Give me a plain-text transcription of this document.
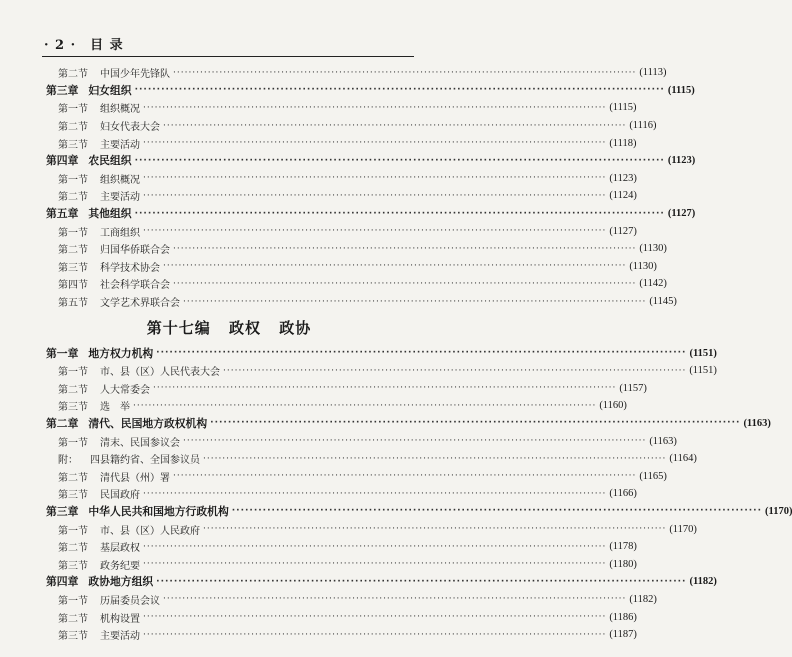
· 2 · 目 录
第二节 中国少年先锋队 ························································································································ (1113)
第三章 妇女组织 ························································································································ (1115)
第一节 组织概况 ························································································································ (1115)
第二节 妇女代表大会 ························································································································ (1116)
第三节 主要活动 ························································································································ (1118)
第四章 农民组织 ························································································································ (1123)
第一节 组织概况 ························································································································ (1123)
第二节 主要活动 ························································································································ (1124)
第五章 其他组织 ························································································································ (1127)
第一节 工商组织 ························································································································ (1127)
第二节 归国华侨联合会 ························································································································ (1130)
第三节 科学技术协会 ························································································································ (1130)
第四节 社会科学联合会 ························································································································ (1142)
第五节 文学艺术界联合会 ························································································································ (1145)
第十七编 政权 政协
第一章 地方权力机构 ························································································································ (1151)
第一节 市、县（区）人民代表大会 ························································································································ (1151)
第二节 人大常委会 ························································································································ (1157)
第三节 选　举 ························································································································ (1160)
第二章 清代、民国地方政权机构 ························································································································ (1163)
第一节 清末、民国参议会 ························································································································ (1163)
附： 四县籍约省、全国参议员 ························································································································ (1164)
第二节 清代县（州）署 ························································································································ (1165)
第三节 民国政府 ························································································································ (1166)
第三章 中华人民共和国地方行政机构 ························································································································ (1170)
第一节 市、县（区）人民政府 ························································································································ (1170)
第二节 基层政权 ························································································································ (1178)
第三节 政务纪要 ························································································································ (1180)
第四章 政协地方组织 ························································································································ (1182)
第一节 历届委员会议 ························································································································ (1182)
第二节 机构设置 ························································································································ (1186)
第三节 主要活动 ························································································································ (1187)
